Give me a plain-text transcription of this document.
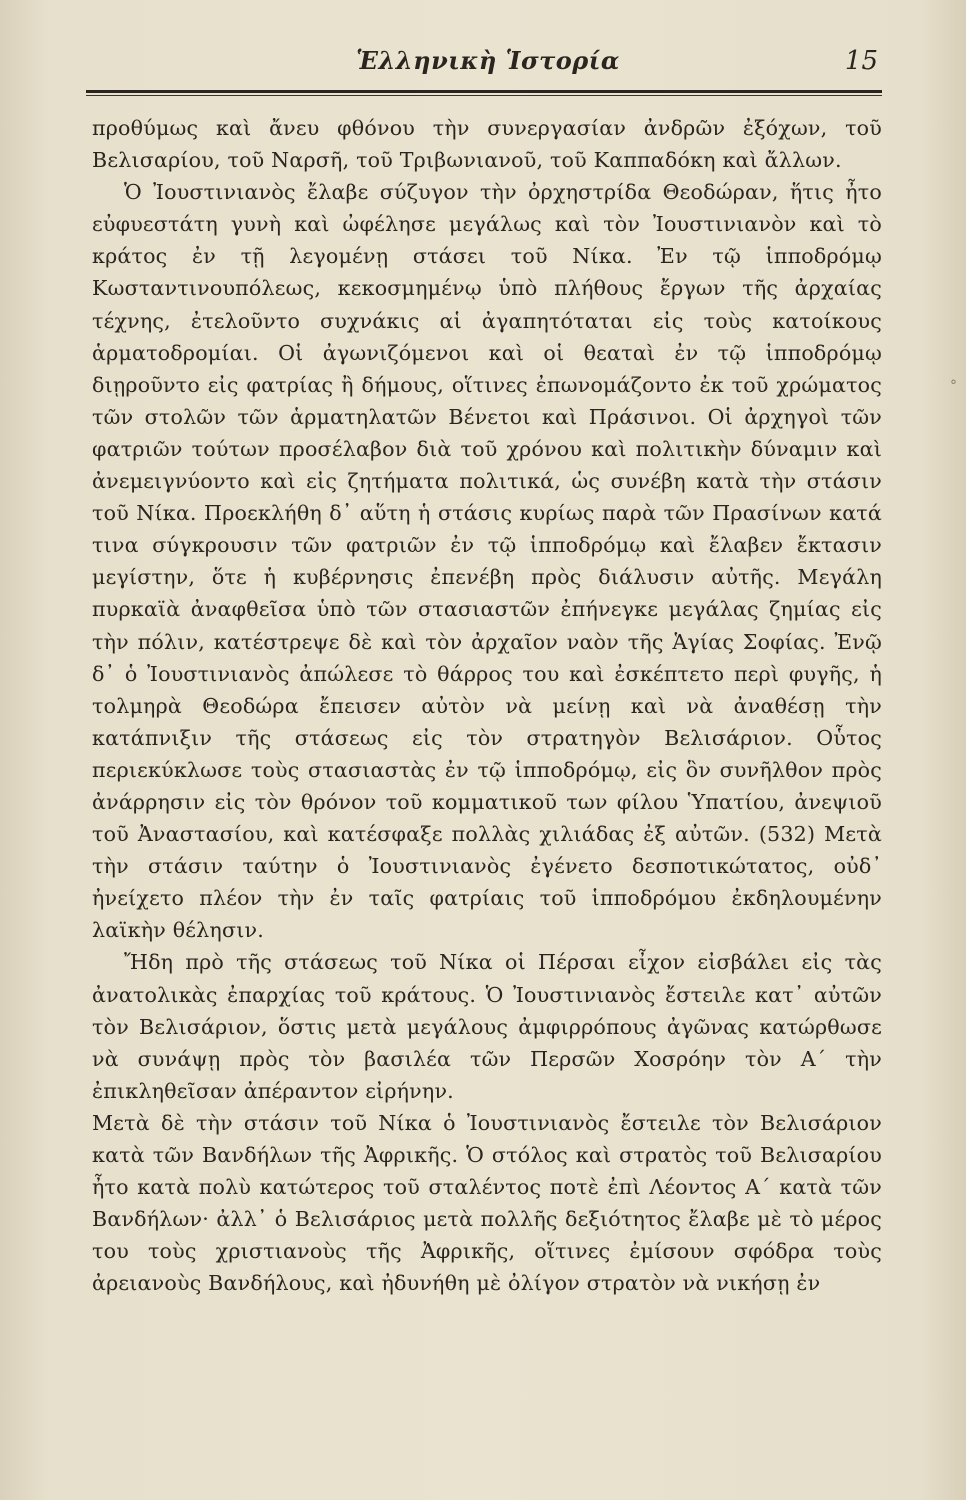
Ἑλληνικὴ Ἱστορία	15

προθύμως καὶ ἄνευ φθόνου τὴν συνεργασίαν ἀνδρῶν ἐξόχων, τοῦ Βελισαρίου, τοῦ Ναρσῆ, τοῦ Τριβωνιανοῦ, τοῦ Καππαδόκη καὶ ἄλλων.

Ὁ Ἰουστινιανὸς ἔλαβε σύζυγον τὴν ὀρχηστρίδα Θεοδώραν, ἥτις ἦτο εὐφυεστάτη γυνὴ καὶ ὠφέλησε μεγάλως καὶ τὸν Ἰουστινιανὸν καὶ τὸ κράτος ἐν τῇ λεγομένῃ στάσει τοῦ Νίκα. Ἐν τῷ ἱπποδρόμῳ Κωσταντινουπόλεως, κεκοσμημένῳ ὑπὸ πλήθους ἔργων τῆς ἀρχαίας τέχνης, ἐτελοῦντο συχνάκις αἱ ἀγαπητόταται εἰς τοὺς κατοίκους ἁρματοδρομίαι. Οἱ ἀγωνιζόμενοι καὶ οἱ θεαταὶ ἐν τῷ ἱπποδρόμῳ διῃροῦντο εἰς φατρίας ἢ δήμους, οἵτινες ἐπωνομάζοντο ἐκ τοῦ χρώματος τῶν στολῶν τῶν ἁρματηλατῶν Βένετοι καὶ Πράσινοι. Οἱ ἀρχηγοὶ τῶν φατριῶν τούτων προσέλαβον διὰ τοῦ χρόνου καὶ πολιτικὴν δύναμιν καὶ ἀνεμειγνύοντο καὶ εἰς ζητήματα πολιτικά, ὡς συνέβη κατὰ τὴν στάσιν τοῦ Νίκα. Προεκλήθη δ᾽ αὕτη ἡ στάσις κυρίως παρὰ τῶν Πρασίνων κατά τινα σύγκρουσιν τῶν φατριῶν ἐν τῷ ἱπποδρόμῳ καὶ ἔλαβεν ἔκτασιν μεγίστην, ὅτε ἡ κυβέρνησις ἐπενέβη πρὸς διάλυσιν αὐτῆς. Μεγάλη πυρκαϊὰ ἀναφθεῖσα ὑπὸ τῶν στασιαστῶν ἐπήνεγκε μεγάλας ζημίας εἰς τὴν πόλιν, κατέστρεψε δὲ καὶ τὸν ἀρχαῖον ναὸν τῆς Ἁγίας Σοφίας. Ἐνῷ δ᾽ ὁ Ἰουστινιανὸς ἀπώλεσε τὸ θάρρος του καὶ ἐσκέπτετο περὶ φυγῆς, ἡ τολμηρὰ Θεοδώρα ἔπεισεν αὐτὸν νὰ μείνῃ καὶ νὰ ἀναθέσῃ τὴν κατάπνιξιν τῆς στάσεως εἰς τὸν στρατηγὸν Βελισάριον. Οὗτος περιεκύκλωσε τοὺς στασιαστὰς ἐν τῷ ἱπποδρόμῳ, εἰς ὃν συνῆλθον πρὸς ἀνάρρησιν εἰς τὸν θρόνον τοῦ κομματικοῦ των φίλου Ὑπατίου, ἀνεψιοῦ τοῦ Ἀναστασίου, καὶ κατέσφαξε πολλὰς χιλιάδας ἐξ αὐτῶν. (532) Μετὰ τὴν στάσιν ταύτην ὁ Ἰουστινιανὸς ἐγένετο δεσποτικώτατος, οὐδ᾽ ἠνείχετο πλέον τὴν ἐν ταῖς φατρίαις τοῦ ἱπποδρόμου ἐκδηλουμένην λαϊκὴν θέλησιν.

Ἤδη πρὸ τῆς στάσεως τοῦ Νίκα οἱ Πέρσαι εἶχον εἰσβάλει εἰς τὰς ἀνατολικὰς ἐπαρχίας τοῦ κράτους. Ὁ Ἰουστινιανὸς ἔστειλε κατ᾽ αὐτῶν τὸν Βελισάριον, ὅστις μετὰ μεγάλους ἀμφιρρόπους ἀγῶνας κατώρθωσε νὰ συνάψῃ πρὸς τὸν βασιλέα τῶν Περσῶν Χοσρόην τὸν Α΄ τὴν ἐπικληθεῖσαν ἀπέραντον εἰρήνην.

Μετὰ δὲ τὴν στάσιν τοῦ Νίκα ὁ Ἰουστινιανὸς ἔστειλε τὸν Βελισάριον κατὰ τῶν Βανδήλων τῆς Ἀφρικῆς. Ὁ στόλος καὶ στρατὸς τοῦ Βελισαρίου ἦτο κατὰ πολὺ κατώτερος τοῦ σταλέντος ποτὲ ἐπὶ Λέοντος Α΄ κατὰ τῶν Βανδήλων· ἀλλ᾽ ὁ Βελισάριος μετὰ πολλῆς δεξιότητος ἔλαβε μὲ τὸ μέρος του τοὺς χριστιανοὺς τῆς Ἀφρικῆς, οἵτινες ἐμίσουν σφόδρα τοὺς ἀρειανοὺς Βανδήλους, καὶ ἠδυνήθη μὲ ὀλίγον στρατὸν νὰ νικήσῃ ἐν

°
